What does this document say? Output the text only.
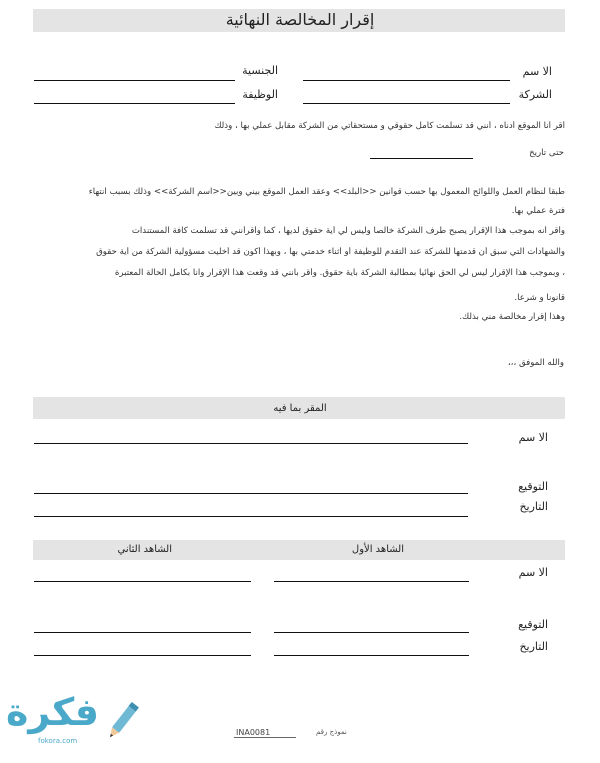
إقرار المخالصة النهائية
الا سم
الجنسية
الشركة
الوظيفة
أقر أنا الموقع أدناه ، أنني قد تسلمت كامل حقوقي و مستحقاتي من الشركة مقابل عملي بها ، وذلك
حتى تاريخ
طبقاً لنظام العمل واللوائح المعمول بها حسب قوانين <<البلد>> وعقد العمل الموقع بيني وبين<<اسم الشركة>> وذلك بسبب انتهاء
فترة عملي بها.
وأقر أنه بموجب هذا الإقرار يصبح طرف الشركة خالصاً وليس لي أية حقوق لديها ، كما وأقرأنني قد تسلمت كافة المستندات
والشهادات التي سبق أن قدمتها للشركة عند التقدم للوظيفة أو أثناء خدمتي بها ، وبهذا أكون قد أخليت مسؤولية الشركة من أية حقوق
، وبموجب هذا الإقرار ليس لي الحق نهائياً بمطالبة الشركة بأية حقوق. وأقر بأنني قد وقعت هذا الإقرار وانا بكامل الحالة المعتبرة
قانوناً و شرعاً.
وهذا إقرار مخالصة مني بذلك.
والله الموفق ،،،
المقر بما فيه
الا سم
التوقيع
التاريخ
الشاهد الأول
الشاهد الثاني
الا سم
التوقيع
التاريخ
INA0081	نموذج رقم
فكرة
fokora.com
